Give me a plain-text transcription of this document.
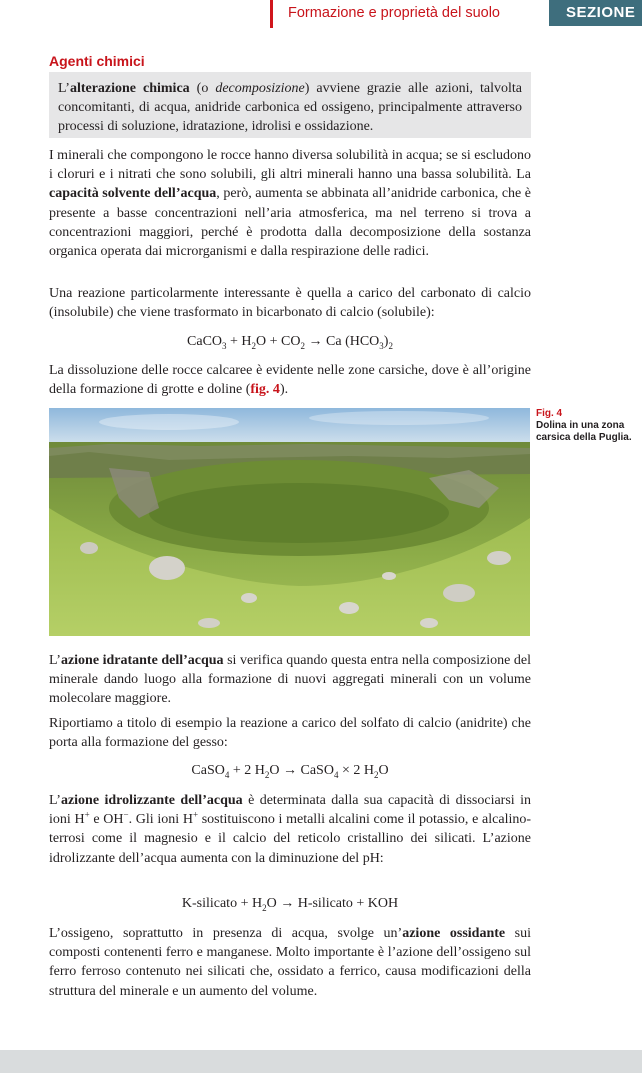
Formazione e proprietà del suolo	SEZIONE
Agenti chimici
L’alterazione chimica (o decomposizione) avviene grazie alle azioni, talvolta concomitanti, di acqua, anidride carbonica ed ossigeno, principalmente attraverso processi di soluzione, idratazione, idrolisi e ossidazione.
I minerali che compongono le rocce hanno diversa solubilità in acqua; se si escludono i cloruri e i nitrati che sono solubili, gli altri minerali hanno una bassa solubilità. La capacità solvente dell’acqua, però, aumenta se abbinata all’anidride carbonica, che è presente a basse concentrazioni nell’aria atmosferica, ma nel terreno si trova a concentrazioni maggiori, perché è prodotta dalla decomposizione della sostanza organica operata dai microrganismi e dalla respirazione delle radici.
Una reazione particolarmente interessante è quella a carico del carbonato di calcio (insolubile) che viene trasformato in bicarbonato di calcio (solubile):
CaCO$_3$ + $H_2O + CO_2 \to Ca$ $(HCO_3)_2$
La dissoluzione delle rocce calcaree è evidente nelle zone carsiche, dove è all’origine della formazione di grotte e doline (fig. 4).
Fig. 4
Dolina in una zona carsica della Puglia.
L’azione idratante dell’acqua si verifica quando questa entra nella composizione del minerale dando luogo alla formazione di nuovi aggregati minerali con un volume molecolare maggiore.
Riportiamo a titolo di esempio la reazione a carico del solfato di calcio (anidrite) che porta alla formazione del gesso:
CaSO$_4$ + 2 $H_2O$ → CaSO$_4$ × 2 $H_2O$
L’azione idrolizzante dell’acqua è determinata dalla sua capacità di dissociarsi in ioni H+ e OH−. Gli ioni H+ sostituiscono i metalli alcalini come il potassio, e alcalino-terrosi come il magnesio e il calcio del reticolo cristallino dei silicati. L’azione idrolizzante dell’acqua aumenta con la diminuzione del pH:
K-silicato + $H_2O$ → H-silicato + KOH
L’ossigeno, soprattutto in presenza di acqua, svolge un’azione ossidante sui composti contenenti ferro e manganese. Molto importante è l’azione dell’ossigeno sul ferro ferroso contenuto nei silicati che, ossidato a ferrico, causa modificazioni della struttura del minerale e un aumento del volume.
